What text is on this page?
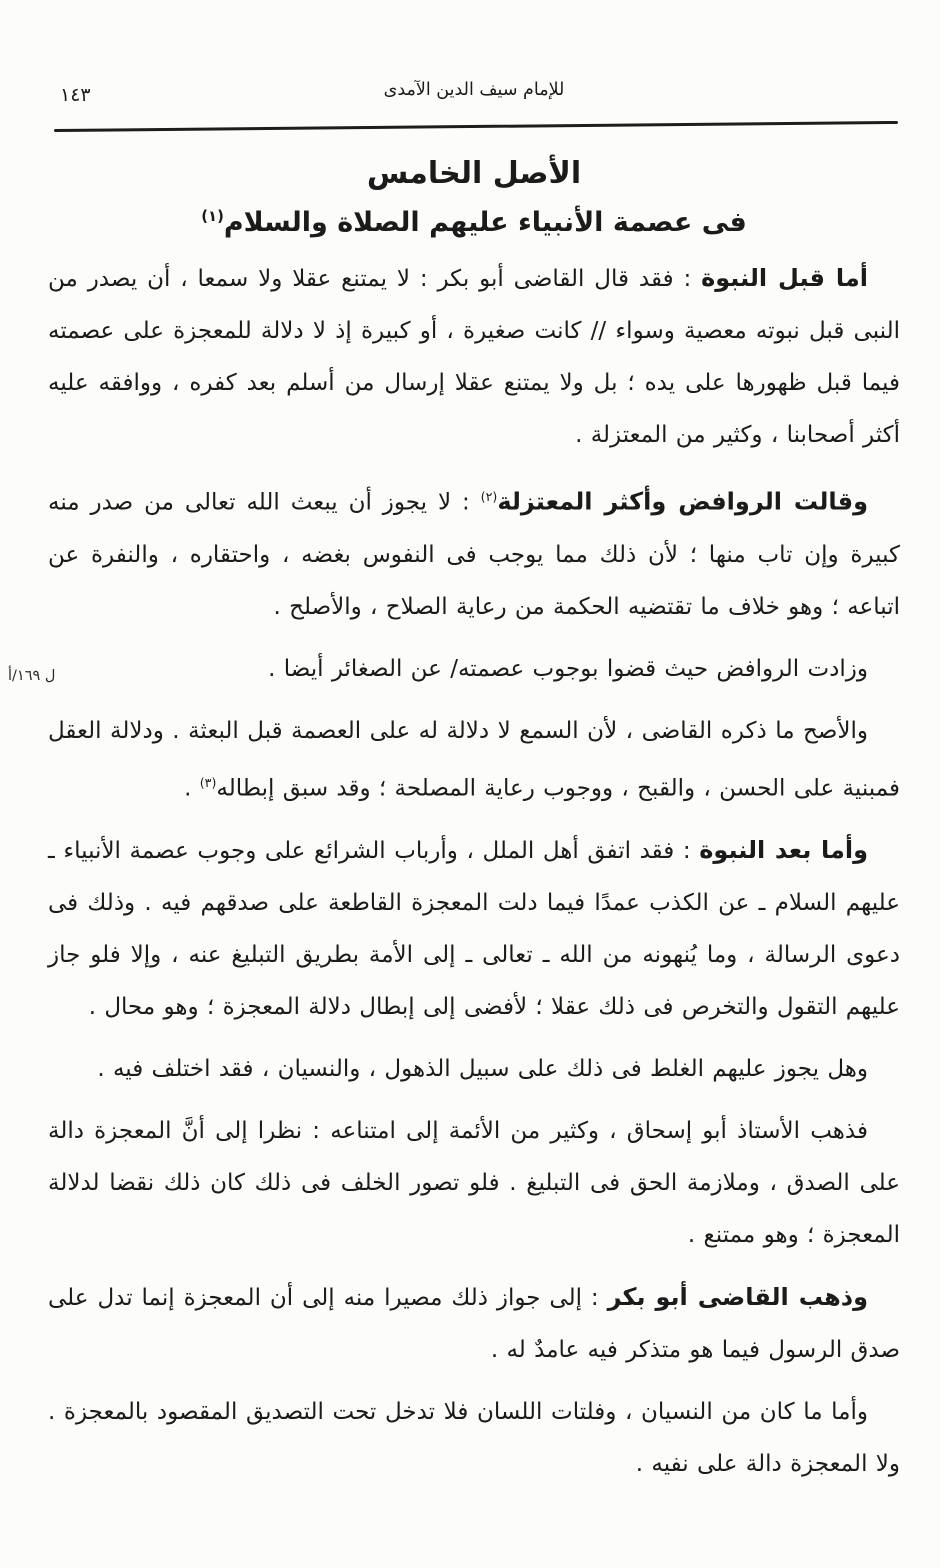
١٤٣	للإمام سيف الدين الآمدى
الأصل الخامس
فى عصمة الأنبياء عليهم الصلاة والسلام$^{(١)}$

أما قبل النبوة : فقد قال القاضى أبو بكر : لا يمتنع عقلا ولا سمعا ، أن يصدر من النبى قبل نبوته معصية وسواء // كانت صغيرة ، أو كبيرة إذ لا دلالة للمعجزة على عصمته فيما قبل ظهورها على يده ؛ بل ولا يمتنع عقلا إرسال من أسلم بعد كفره ، ووافقه عليه أكثر أصحابنا ، وكثير من المعتزلة .

وقالت الروافض وأكثر المعتزلة$^{(٢)}$ : لا يجوز أن يبعث الله تعالى من صدر منه كبيرة وإن تاب منها ؛ لأن ذلك مما يوجب فى النفوس بغضه ، واحتقاره ، والنفرة عن اتباعه ؛ وهو خلاف ما تقتضيه الحكمة من رعاية الصلاح ، والأصلح .

وزادت الروافض حيث قضوا بوجوب عصمته/ عن الصغائر أيضا .

والأصح ما ذكره القاضى ، لأن السمع لا دلالة له على العصمة قبل البعثة . ودلالة العقل فمبنية على الحسن ، والقبح ، ووجوب رعاية المصلحة ؛ وقد سبق إبطاله$^{(٣)}$ .

وأما بعد النبوة : فقد اتفق أهل الملل ، وأرباب الشرائع على وجوب عصمة الأنبياء ـ عليهم السلام ـ عن الكذب عمدًا فيما دلت المعجزة القاطعة على صدقهم فيه . وذلك فى دعوى الرسالة ، وما يُنهونه من الله ـ تعالى ـ إلى الأمة بطريق التبليغ عنه ، وإلا فلو جاز عليهم التقول والتخرص فى ذلك عقلا ؛ لأفضى إلى إبطال دلالة المعجزة ؛ وهو محال .

وهل يجوز عليهم الغلط فى ذلك على سبيل الذهول ، والنسيان ، فقد اختلف فيه .

فذهب الأستاذ أبو إسحاق ، وكثير من الأئمة إلى امتناعه : نظرا إلى أنَّ المعجزة دالة على الصدق ، وملازمة الحق فى التبليغ . فلو تصور الخلف فى ذلك كان ذلك نقضا لدلالة المعجزة ؛ وهو ممتنع .

وذهب القاضى أبو بكر : إلى جواز ذلك مصيرا منه إلى أن المعجزة إنما تدل على صدق الرسول فيما هو متذكر فيه عامدٌ له .

وأما ما كان من النسيان ، وفلتات اللسان فلا تدخل تحت التصديق المقصود بالمعجزة . ولا المعجزة دالة على نفيه .

ل ١٦٩/أ
